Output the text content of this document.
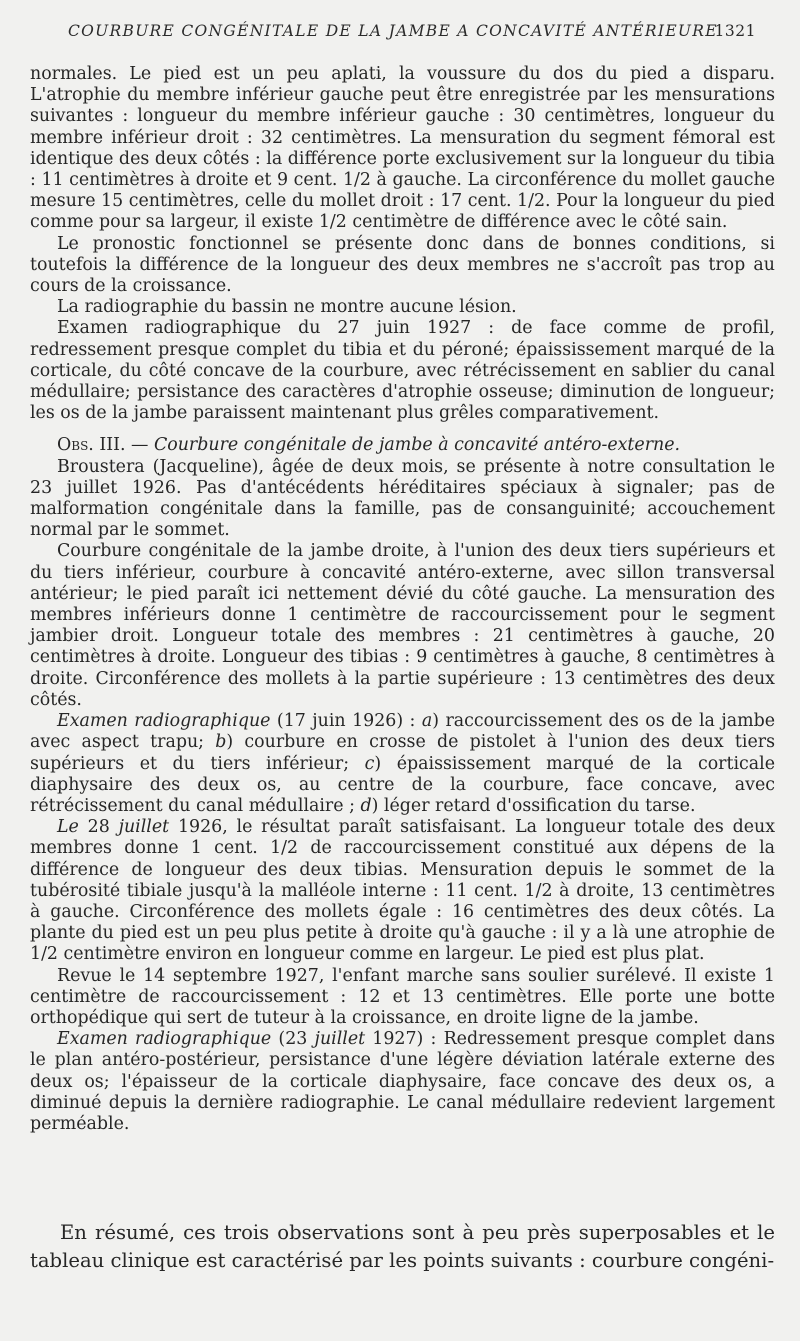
COURBURE CONGÉNITALE DE LA JAMBE A CONCAVITÉ ANTÉRIEURE
1321

normales. Le pied est un peu aplati, la voussure du dos du pied a disparu. L'atrophie du membre inférieur gauche peut être enregistrée par les mensurations suivantes : longueur du membre inférieur gauche : 30 centimètres, longueur du membre inférieur droit : 32 centimètres. La mensuration du segment fémoral est identique des deux côtés : la différence porte exclusivement sur la longueur du tibia : 11 centimètres à droite et 9 cent. 1/2 à gauche. La circonférence du mollet gauche mesure 15 centimètres, celle du mollet droit : 17 cent. 1/2. Pour la longueur du pied comme pour sa largeur, il existe 1/2 centimètre de différence avec le côté sain.

Le pronostic fonctionnel se présente donc dans de bonnes conditions, si toutefois la différence de la longueur des deux membres ne s'accroît pas trop au cours de la croissance.

La radiographie du bassin ne montre aucune lésion.

Examen radiographique du 27 juin 1927 : de face comme de profil, redressement presque complet du tibia et du péroné; épaississement marqué de la corticale, du côté concave de la courbure, avec rétrécissement en sablier du canal médullaire; persistance des caractères d'atrophie osseuse; diminution de longueur; les os de la jambe paraissent maintenant plus grêles comparativement.

Obs. III. — Courbure congénitale de jambe à concavité antéro-externe.

Broustera (Jacqueline), âgée de deux mois, se présente à notre consultation le 23 juillet 1926. Pas d'antécédents héréditaires spéciaux à signaler; pas de malformation congénitale dans la famille, pas de consanguinité; accouchement normal par le sommet.

Courbure congénitale de la jambe droite, à l'union des deux tiers supérieurs et du tiers inférieur, courbure à concavité antéro-externe, avec sillon transversal antérieur; le pied paraît ici nettement dévié du côté gauche. La mensuration des membres inférieurs donne 1 centimètre de raccourcissement pour le segment jambier droit. Longueur totale des membres : 21 centimètres à gauche, 20 centimètres à droite. Longueur des tibias : 9 centimètres à gauche, 8 centimètres à droite. Circonférence des mollets à la partie supérieure : 13 centimètres des deux côtés.

Examen radiographique (17 juin 1926) : a) raccourcissement des os de la jambe avec aspect trapu; b) courbure en crosse de pistolet à l'union des deux tiers supérieurs et du tiers inférieur; c) épaississement marqué de la corticale diaphysaire des deux os, au centre de la courbure, face concave, avec rétrécissement du canal médullaire ; d) léger retard d'ossification du tarse.

Le 28 juillet 1926, le résultat paraît satisfaisant. La longueur totale des deux membres donne 1 cent. 1/2 de raccourcissement constitué aux dépens de la différence de longueur des deux tibias. Mensuration depuis le sommet de la tubérosité tibiale jusqu'à la malléole interne : 11 cent. 1/2 à droite, 13 centimètres à gauche. Circonférence des mollets égale : 16 centimètres des deux côtés. La plante du pied est un peu plus petite à droite qu'à gauche : il y a là une atrophie de 1/2 centimètre environ en longueur comme en largeur. Le pied est plus plat.

Revue le 14 septembre 1927, l'enfant marche sans soulier surélevé. Il existe 1 centimètre de raccourcissement : 12 et 13 centimètres. Elle porte une botte orthopédique qui sert de tuteur à la croissance, en droite ligne de la jambe.

Examen radiographique (23 juillet 1927) : Redressement presque complet dans le plan antéro-postérieur, persistance d'une légère déviation latérale externe des deux os; l'épaisseur de la corticale diaphysaire, face concave des deux os, a diminué depuis la dernière radiographie. Le canal médullaire redevient largement perméable.

En résumé, ces trois observations sont à peu près superposables et le tableau clinique est caractérisé par les points suivants : courbure congéni-
